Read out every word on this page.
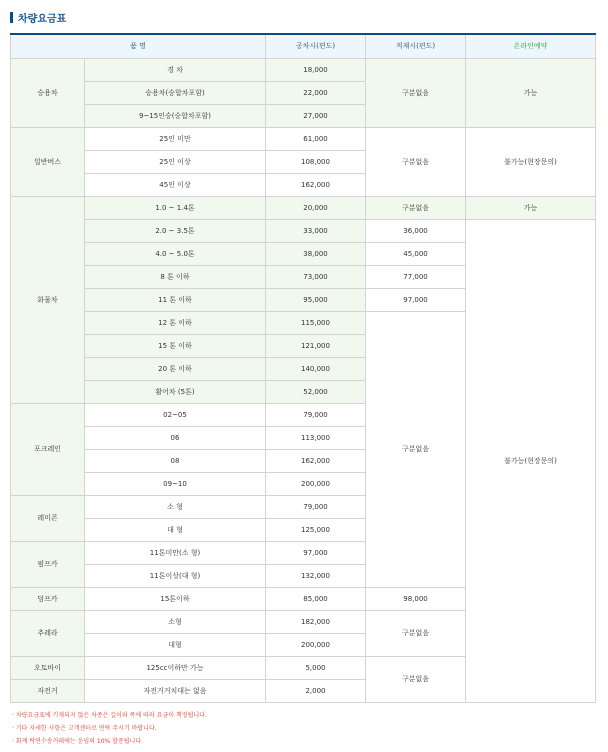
차량요금표
품 명		공차시(편도)	적재시(편도)	온라인예약
승용차	경 차	18,000	구분없음	가능
	승용차(승합차포함)	22,000		
	9~15인승(승합차포함)	27,000		
일반버스	25인 미만	61,000	구분없음	불가능(현장문의)
	25인 이상	108,000		
	45인 이상	162,000		
화물차	1.0 ~ 1.4톤	20,000	구분없음	가능
	2.0 ~ 3.5톤	33,000	36,000	불가능(현장문의)
	4.0 ~ 5.0톤	38,000	45,000	
	8 톤 이하	73,000	77,000	
	11 톤 이하	95,000	97,000	
	12 톤 이하	115,000	구분없음	
	15 톤 이하	121,000		
	20 톤 이하	140,000		
	활어차 (5톤)	52,000		
포크레인	02~05	79,000		
	06	113,000		
	08	162,000		
	09~10	200,000		
레미콘	소 형	79,000		
	대 형	125,000		
펌프카	11톤미만(소 형)	97,000		
	11톤이상(대 형)	132,000		
덤프카	15톤이하	85,000	98,000	
추레라	소형	182,000	구분없음	
	대형	200,000		
오토바이	125cc이하만 가능	5,000	구분없음	
자전거	자전거거치대는 없음	2,000		
· 차량요금표에 기재되지 않은 차종은 길이와 폭에 따라 요금이 책정됩니다.
· 기타 자세한 사항은 고객센터로 연락 주시기 바랍니다.
· 화계 탁연수송거래에는 운임의 10% 할증됩니다.
